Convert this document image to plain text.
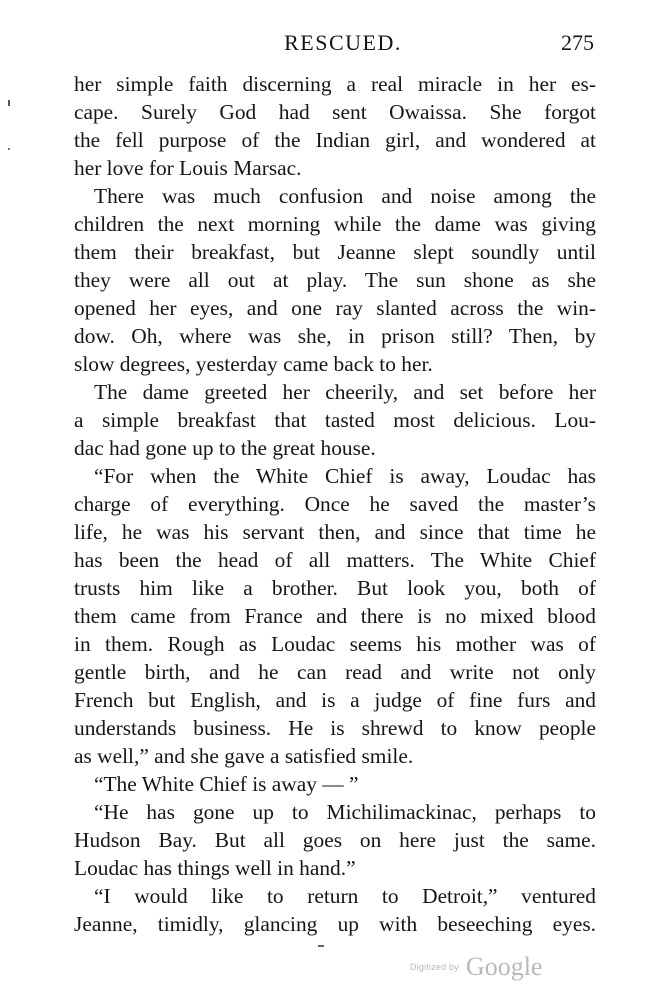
RESCUED.	275
her simple faith discerning a real miracle in her es-
cape. Surely God had sent Owaissa. She forgot
the fell purpose of the Indian girl, and wondered at
her love for Louis Marsac.
There was much confusion and noise among the
children the next morning while the dame was giving
them their breakfast, but Jeanne slept soundly until
they were all out at play. The sun shone as she
opened her eyes, and one ray slanted across the win-
dow. Oh, where was she, in prison still? Then, by
slow degrees, yesterday came back to her.
The dame greeted her cheerily, and set before her
a simple breakfast that tasted most delicious. Lou-
dac had gone up to the great house.
“For when the White Chief is away, Loudac has
charge of everything. Once he saved the master’s
life, he was his servant then, and since that time he
has been the head of all matters. The White Chief
trusts him like a brother. But look you, both of
them came from France and there is no mixed blood
in them. Rough as Loudac seems his mother was of
gentle birth, and he can read and write not only
French but English, and is a judge of fine furs and
understands business. He is shrewd to know people
as well,” and she gave a satisfied smile.
“The White Chief is away — ”
“He has gone up to Michilimackinac, perhaps to
Hudson Bay. But all goes on here just the same.
Loudac has things well in hand.”
“I would like to return to Detroit,” ventured
Jeanne, timidly, glancing up with beseeching eyes.
Digitized by Google
